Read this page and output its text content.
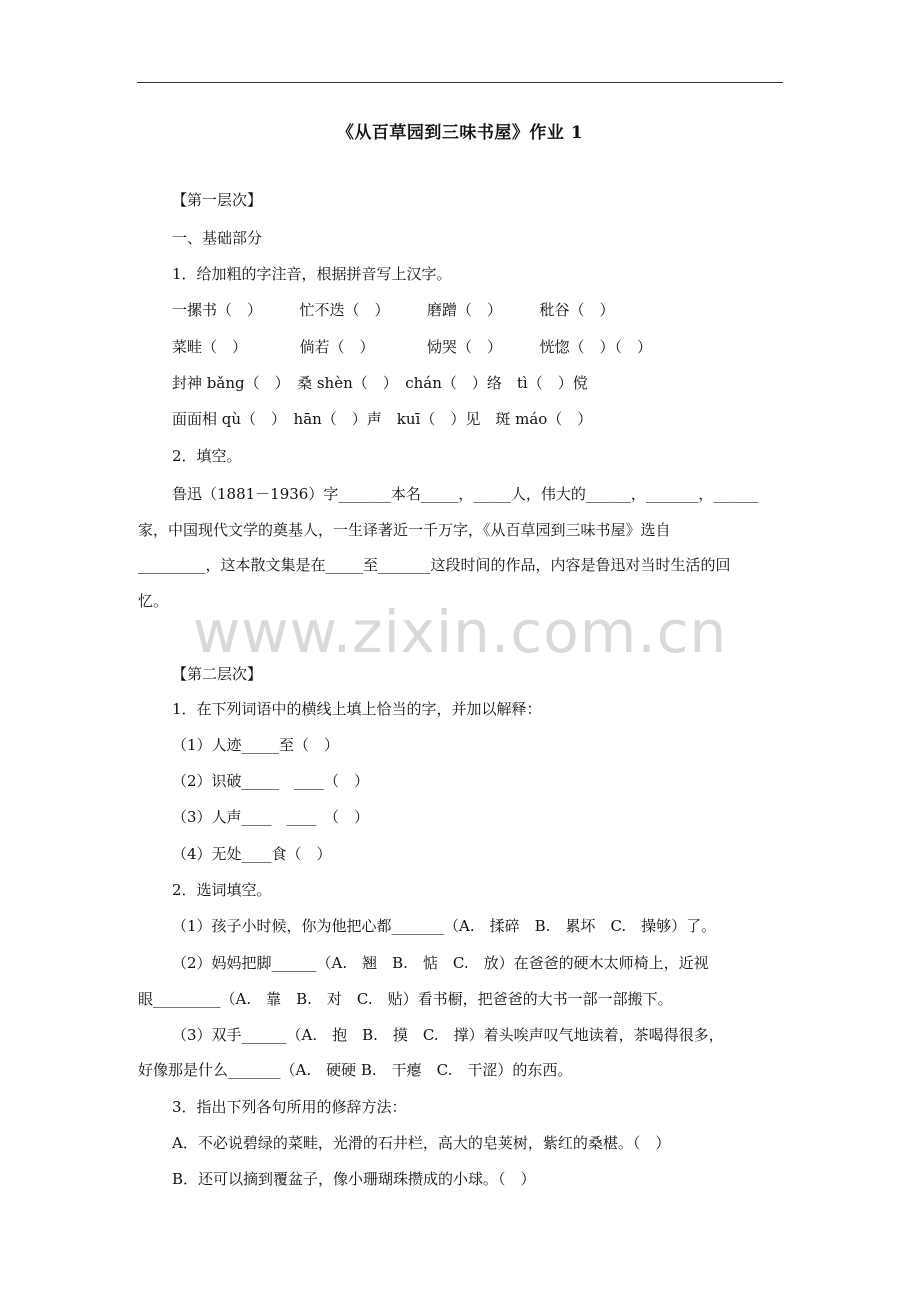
《从百草园到三味书屋》作业 1
www.zixin.com.cn
【第一层次】
一、基础部分
1．给加粗的字注音，根据拼音写上汉字。
一摞书（　）　　　忙不迭（　）　　　磨蹭（　）　　　秕谷（　）
菜畦（　）　　　　倘若（　）　　　　恸哭（　）　　　恍惚（　）（　）
封神 bǎng（　）　桑 shèn（　）　chán（　）络　tì（　）傥
面面相 qù（　）　hān（　）声　kuī（　）见　斑 máo（　）
2．填空。
鲁迅（1881－1936）字_______本名_____，_____人，伟大的______，_______，______
家，中国现代文学的奠基人，一生译著近一千万字，《从百草园到三味书屋》选自
_________，这本散文集是在_____至_______这段时间的作品，内容是鲁迅对当时生活的回
忆。
【第二层次】
1．在下列词语中的横线上填上恰当的字，并加以解释：
（1）人迹_____至（　）
（2）识破_____　____（　）
（3）人声____　____　（　）
（4）无处____食（　）
2．选词填空。
（1）孩子小时候，你为他把心都_______（A.　揉碎　B.　累坏　C.　操够）了。
（2）妈妈把脚______（A.　翘　B.　惦　C.　放）在爸爸的硬木太师椅上，近视
眼_________（A.　靠　B.　对　C.　贴）看书橱，把爸爸的大书一部一部搬下。
（3）双手______（A.　抱　B.　摸　C.　撑）着头唉声叹气地读着，茶喝得很多，
好像那是什么_______（A.　硬硬 B.　干瘪　C.　干涩）的东西。
3．指出下列各句所用的修辞方法：
A．不必说碧绿的菜畦，光滑的石井栏，高大的皂荚树，紫红的桑椹。（　）
B．还可以摘到覆盆子，像小珊瑚珠攒成的小球。（　）
